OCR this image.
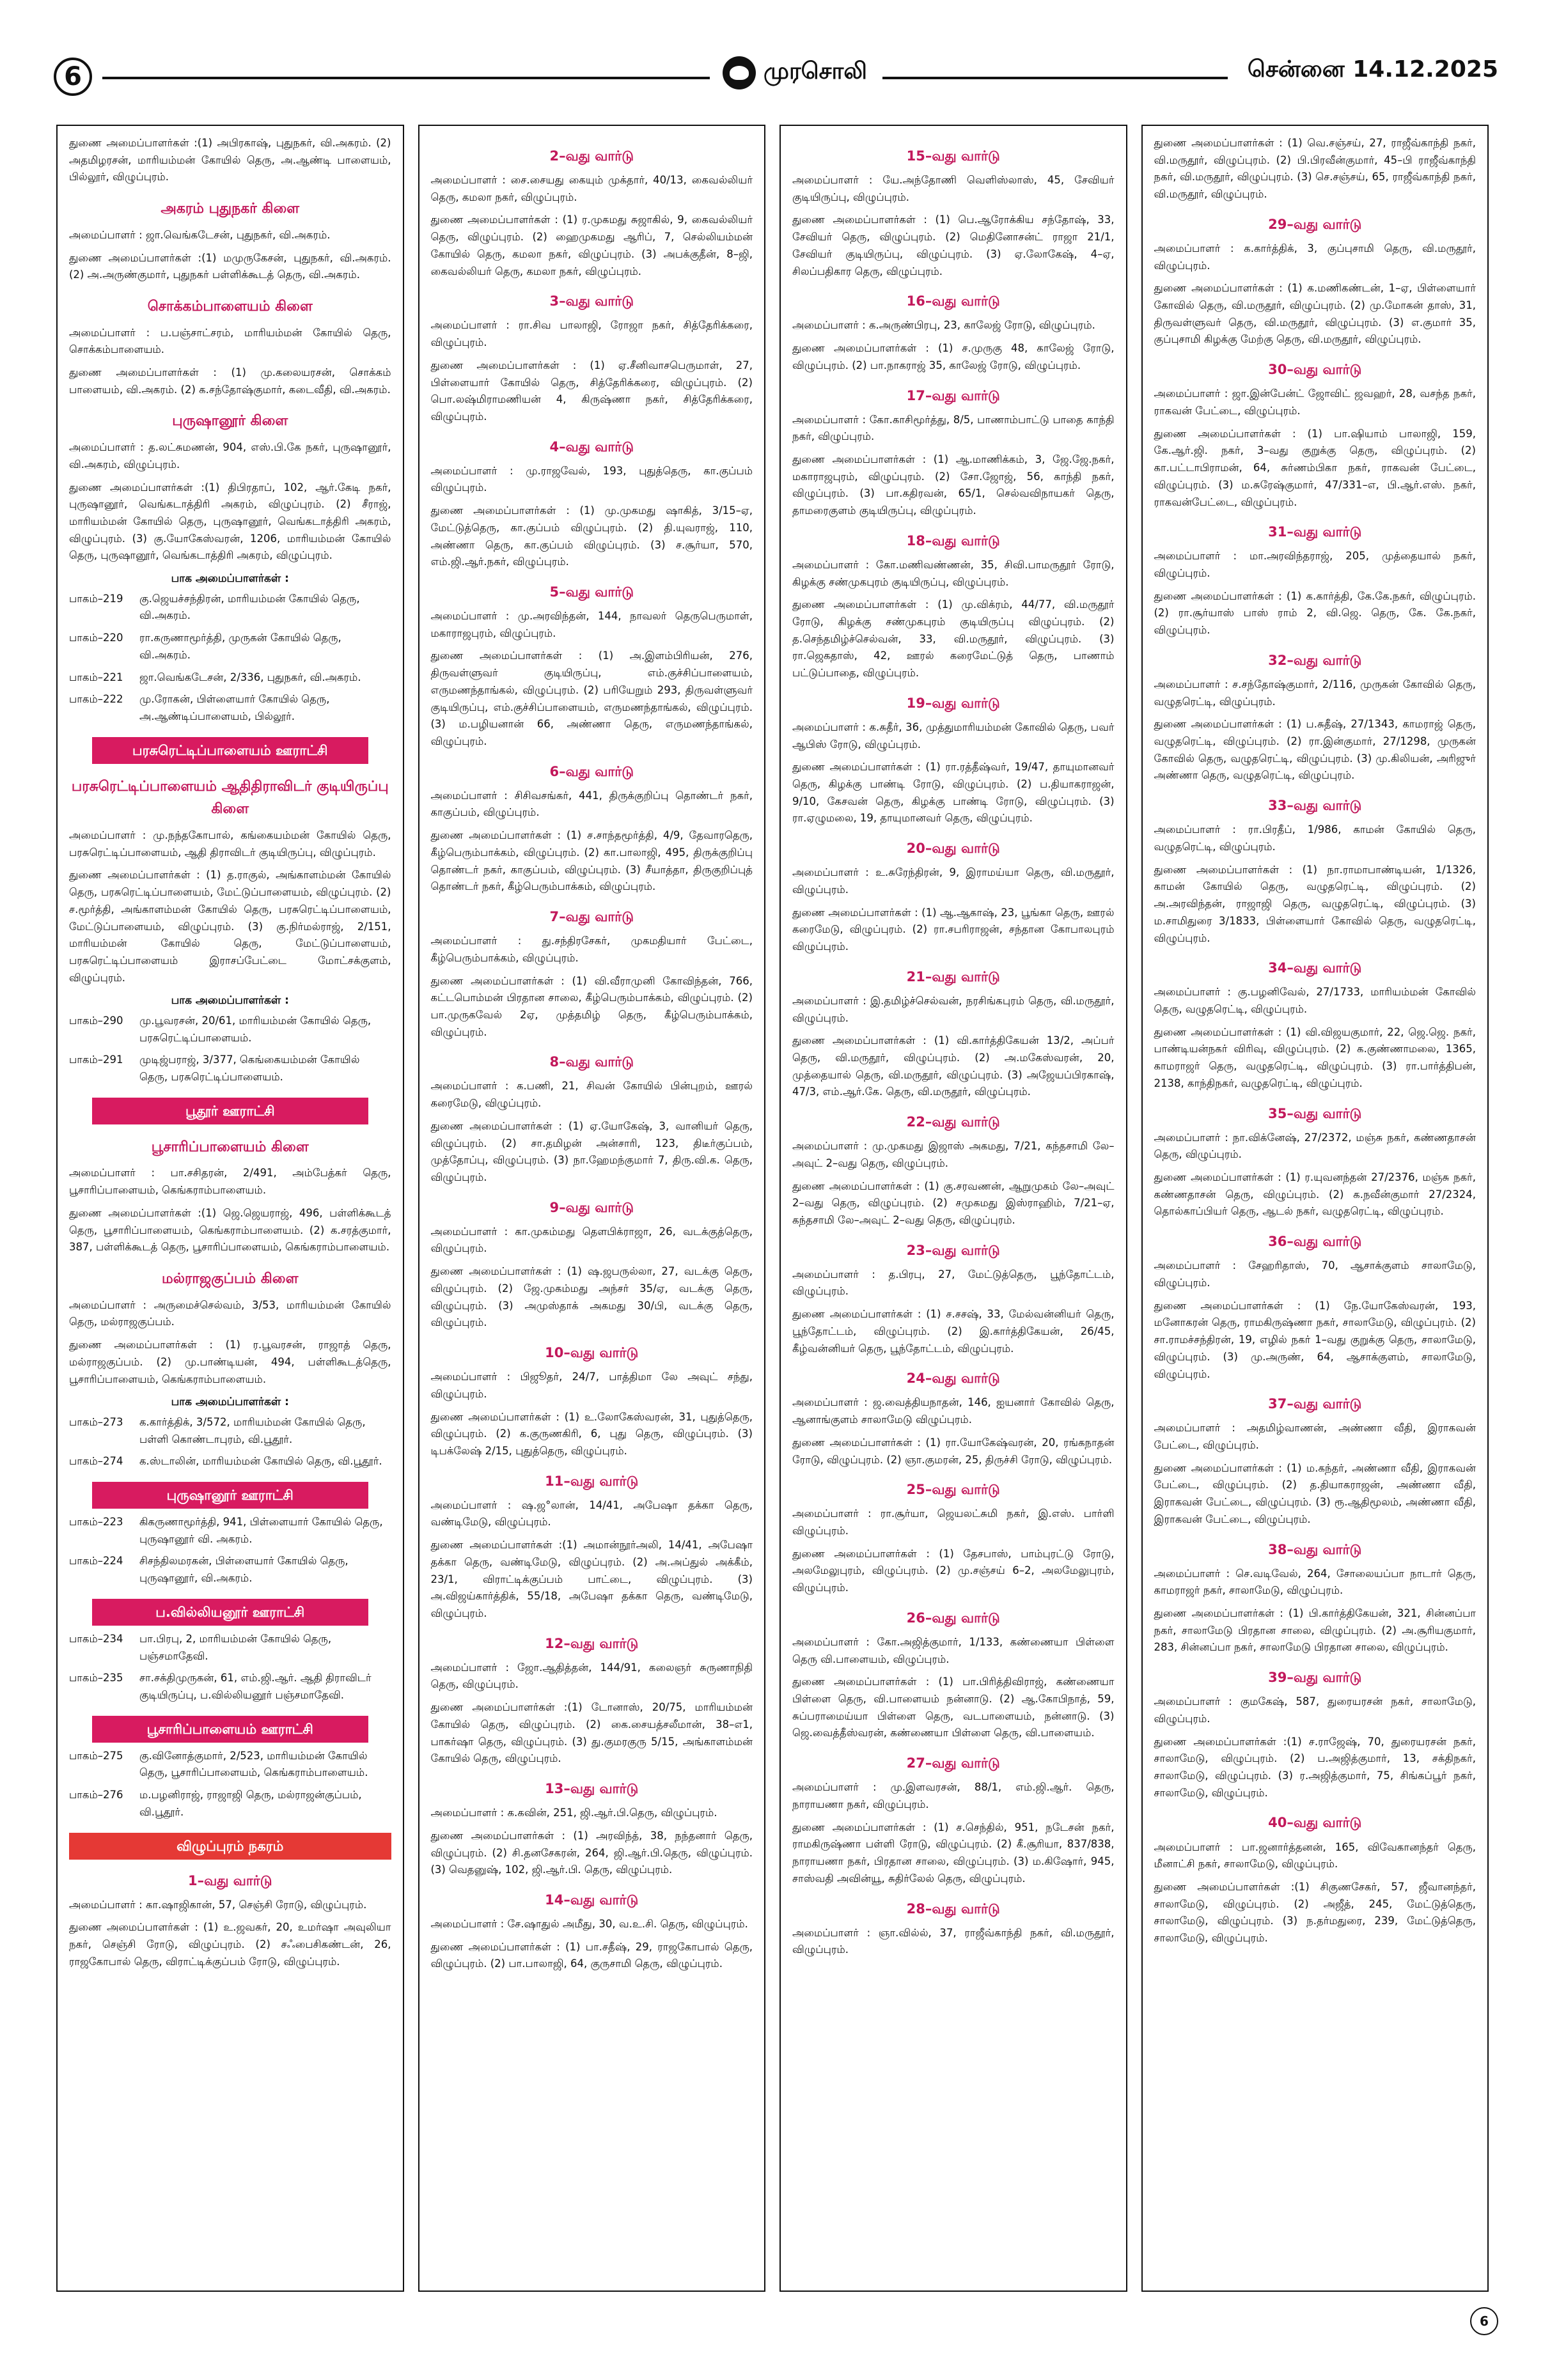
6	முரசொலி	சென்னை 14.12.2025

துணை அமைப்பாளர்கள் :(1) அபிரகாஷ், புதுநகர், வி.அகரம். (2) அதமிழரசன், மாரியம்மன் கோயில் தெரு, அ.ஆண்டி பாளையம், பில்லூர், விழுப்புரம்.

அகரம் புதுநகர் கிளை

அமைப்பாளர் : ஜா.வெங்கடேசன், புதுநகர், வி.அகரம்.

துணை அமைப்பாளர்கள் :(1) மமுருகேசன், புதுநகர், வி.அகரம். (2) அ.அருண்குமார், புதுநகர் பள்ளிக்கூடத் தெரு, வி.அகரம்.

சொக்கம்பாளையம் கிளை

அமைப்பாளர் : ப.பஞ்சாட்சரம், மாரியம்மன் கோயில் தெரு, சொக்கம்பாளையம்.

துணை அமைப்பாளர்கள் : (1) மு.கலையரசன், சொக்கம் பாளையம், வி.அகரம். (2) க.சந்தோஷ்குமார், கடைவீதி, வி.அகரம்.

புருஷானூர் கிளை

அமைப்பாளர் : த.லட்சுமணன், 904, எஸ்.பி.கே நகர், புருஷானூர், வி.அகரம், விழுப்புரம்.

துணை அமைப்பாளர்கள் :(1) திபிரதாப், 102, ஆர்.கேடி நகர், புருஷானூர், வெங்கடாத்திரி அகரம், விழுப்புரம். (2) சீராஜ், மாரியம்மன் கோயில் தெரு, புருஷானூர், வெங்கடாத்திரி அகரம், விழுப்புரம். (3) கு.யோகேஸ்வரன், 1206, மாரியம்மன் கோயில் தெரு, புருஷானூர், வெங்கடாத்திரி அகரம், விழுப்புரம்.

பாக அமைப்பாளர்கள் :
பாகம்–219	கு.ஜெயச்சந்திரன், மாரியம்மன் கோயில் தெரு, வி.அகரம்.
பாகம்–220	ரா.கருணாமூர்த்தி, முருகன் கோயில் தெரு, வி.அகரம்.
பாகம்–221	ஜா.வெங்கடேசன், 2/336, புதுநகர், வி.அகரம்.
பாகம்–222	மு.ரோகன், பிள்ளையார் கோயில் தெரு, அ.ஆண்டிப்பாளையம், பில்லூர்.
பரசுரெட்டிப்பாளையம் ஊராட்சி
பரசுரெட்டிப்பாளையம் ஆதிதிராவிடர் குடியிருப்பு கிளை

அமைப்பாளர் : மு.நந்தகோபால், கங்கையம்மன் கோயில் தெரு, பரசுரெட்டிப்பாளையம், ஆதி திராவிடர் குடியிருப்பு, விழுப்புரம்.

துணை அமைப்பாளர்கள் : (1) த.ராகுல், அங்காளம்மன் கோயில் தெரு, பரசுரெட்டிப்பாளையம், மேட்டுப்பாளையம், விழுப்புரம். (2) ச.மூர்த்தி, அங்காளம்மன் கோயில் தெரு, பரசுரெட்டிப்பாளையம், மேட்டுப்பாளையம், விழுப்புரம். (3) கு.நிர்மல்ராஜ், 2/151, மாரியம்மன் கோயில் தெரு, மேட்டுப்பாளையம், பரசுரெட்டிப்பாளையம் இராசப்பேட்டை மோட்சக்குளம், விழுப்புரம்.

பாக அமைப்பாளர்கள் :
பாகம்–290	மு.பூவரசன், 20/61, மாரியம்மன் கோயில் தெரு, பரசுரெட்டிப்பாளையம்.
பாகம்–291	முடிஜ்பராஜ், 3/377, கெங்கையம்மன் கோயில் தெரு, பரசுரெட்டிப்பாளையம்.
பூதூர் ஊராட்சி
பூசாரிப்பாளையம் கிளை

அமைப்பாளர் : பா.சசிதரன், 2/491, அம்பேத்கர் தெரு, பூசாரிப்பாளையம், கெங்கராம்பாளையம்.

துணை அமைப்பாளர்கள் :(1) ஜெ.ஜெயராஜ், 496, பள்ளிக்கூடத் தெரு, பூசாரிப்பாளையம், கெங்கராம்பாளையம். (2) க.சரத்குமார், 387, பள்ளிக்கூடத் தெரு, பூசாரிப்பாளையம், கெங்கராம்பாளையம்.

மல்ராஜகுப்பம் கிளை

அமைப்பாளர் : அருமைச்செல்வம், 3/53, மாரியம்மன் கோயில் தெரு, மல்ராஜகுப்பம்.

துணை அமைப்பாளர்கள் : (1) ர.பூவரசன், ராஜாத் தெரு, மல்ராஜகுப்பம். (2) மு.பாண்டியன், 494, பள்ளிகூடத்தெரு, பூசாரிப்பாளையம், கெங்கராம்பாளையம்.

பாக அமைப்பாளர்கள் :
பாகம்–273	க.கார்த்திக், 3/572, மாரியம்மன் கோயில் தெரு, பள்ளி கொண்டாபுரம், வி.பூதூர்.
பாகம்–274	க.ஸ்டாலின், மாரியம்மன் கோயில் தெரு, வி.பூதூர்.
புருஷானூர் ஊராட்சி
பாகம்–223	கிகருணாமூர்த்தி, 941, பிள்ளையார் கோயில் தெரு, புருஷானூர் வி. அகரம்.
பாகம்–224	சிசந்திலமரகன், பிள்ளையார் கோயில் தெரு, புருஷானூர், வி.அகரம்.
ப.வில்லியனூர் ஊராட்சி
பாகம்–234	பா.பிரபு, 2, மாரியம்மன் கோயில் தெரு, பஞ்சமாதேவி.
பாகம்–235	சா.சக்திமுருகன், 61, எம்.ஜி.ஆர். ஆதி திராவிடர் குடியிருப்பு, ப.வில்லியனூர் பஞ்சமாதேவி.
பூசாரிப்பாளையம் ஊராட்சி
பாகம்–275	கு.வினோத்குமார், 2/523, மாரியம்மன் கோயில் தெரு, பூசாரிப்பாளையம், கெங்கராம்பாளையம்.
பாகம்–276	ம.பழனிராஜ், ராஜாஜி தெரு, மல்ராஜன்குப்பம், வி.பூதூர்.
விழுப்புரம் நகரம்
1–வது வார்டு

அமைப்பாளர் : கா.ஷாஜிகான், 57, செஞ்சி ரோடு, விழுப்புரம்.

துணை அமைப்பாளர்கள் : (1) உ.ஜவகர், 20, உமர்ஷா அவுலியா நகர், செஞ்சி ரோடு, விழுப்புரம். (2) சஃபைசிகண்டன், 26, ராஜகோபால் தெரு, விராட்டிக்குப்பம் ரோடு, விழுப்புரம்.

2–வது வார்டு

அமைப்பாளர் : சை.சையது கையும் முக்தார், 40/13, கைவல்லியர் தெரு, கமலா நகர், விழுப்புரம்.

துணை அமைப்பாளர்கள் : (1) ர.முகமது சுஜாகில், 9, கைவல்லியர் தெரு, விழுப்புரம். (2) ஹைமுகமது ஆரிப், 7, செல்லியம்மன் கோயில் தெரு, கமலா நகர், விழுப்புரம். (3) அபக்குதீன், 8–ஜி, கைவல்லியர் தெரு, கமலா நகர், விழுப்புரம்.

3–வது வார்டு

அமைப்பாளர் : ரா.சிவ பாலாஜி, ரோஜா நகர், சித்தேரிக்கரை, விழுப்புரம்.

துணை அமைப்பாளர்கள் : (1) ஏ.சீனிவாசபெருமாள், 27, பிள்ளையார் கோயில் தெரு, சித்தேரிக்கரை, விழுப்புரம். (2) பொ.லஷ்மிராமணியன் 4, கிருஷ்ணா நகர், சித்தேரிக்கரை, விழுப்புரம்.

4–வது வார்டு

அமைப்பாளர் : மு.ராஜவேல், 193, புதுத்தெரு, கா.குப்பம் விழுப்புரம்.

துணை அமைப்பாளர்கள் : (1) மு.முகமது ஷாகித், 3/15–ஏ, மேட்டுத்தெரு, கா.குப்பம் விழுப்புரம். (2) தி.யுவராஜ், 110, அண்ணா தெரு, கா.குப்பம் விழுப்புரம். (3) ச.சூர்யா, 570, எம்.ஜி.ஆர்.நகர், விழுப்புரம்.

5–வது வார்டு

அமைப்பாளர் : மு.அரவிந்தன், 144, நாவலர் தெருபெருமாள், மகாராஜபுரம், விழுப்புரம்.

துணை அமைப்பாளர்கள் : (1) அ.இளம்பிரியன், 276, திருவள்ளுவர் குடியிருப்பு, எம்.குச்சிப்பாளையம், எருமணந்தாங்கல், விழுப்புரம். (2) பரியேறும் 293, திருவள்ளுவர் குடியிருப்பு, எம்.குச்சிப்பாளையம், எருமணந்தாங்கல், விழுப்புரம். (3) ம.பழியனான் 66, அண்ணா தெரு, எருமணந்தாங்கல், விழுப்புரம்.

6–வது வார்டு

அமைப்பாளர் : சிசிவசங்கர், 441, திருக்குறிப்பு தொண்டர் நகர், காகுப்பம், விழுப்புரம்.

துணை அமைப்பாளர்கள் : (1) ச.சாந்தமூர்த்தி, 4/9, தேவாரதெரு, கீழ்பெரும்பாக்கம், விழுப்புரம். (2) கா.பாலாஜி, 495, திருக்குறிப்பு தொண்டர் நகர், காகுப்பம், விழுப்புரம். (3) சீயாத்தா, திருகுறிப்புத் தொண்டர் நகர், கீழ்பெரும்பாக்கம், விழுப்புரம்.

7–வது வார்டு

அமைப்பாளர் : து.சந்திரசேகர், முகமதியார் பேட்டை, கீழ்பெரும்பாக்கம், விழுப்புரம்.

துணை அமைப்பாளர்கள் : (1) வி.வீராமுனி கோவிந்தன், 766, கட்டபொம்மன் பிரதான சாலை, கீழ்பெரும்பாக்கம், விழுப்புரம். (2) பா.முருகவேல் 2ஏ, முத்தமிழ் தெரு, கீழ்பெரும்பாக்கம், விழுப்புரம்.

8–வது வார்டு

அமைப்பாளர் : க.பணி, 21, சிவன் கோயில் பின்புறம், ஊரல் கரைமேடு, விழுப்புரம்.

துணை அமைப்பாளர்கள் : (1) ஏ.யோகேஷ், 3, வானியர் தெரு, விழுப்புரம். (2) சா.தமிழன் அன்சாரி, 123, திடீர்குப்பம், முத்தோப்பு, விழுப்புரம். (3) நா.ஹேமந்குமார் 7, திரு.வி.க. தெரு, விழுப்புரம்.

9–வது வார்டு

அமைப்பாளர் : கா.முகம்மது தௌபிக்ராஜா, 26, வடக்குத்தெரு, விழுப்புரம்.

துணை அமைப்பாளர்கள் : (1) ஷ.ஜபருல்லா, 27, வடக்கு தெரு, விழுப்புரம். (2) ஜே.முகம்மது அந்சர் 35/ஏ, வடக்கு தெரு, விழுப்புரம். (3) அமுஸ்தாக் அகமது 30/பி, வடக்கு தெரு, விழுப்புரம்.

10–வது வார்டு

அமைப்பாளர் : பிஜூதர், 24/7, பாத்திமா லே அவுட் சந்து, விழுப்புரம்.

துணை அமைப்பாளர்கள் : (1) உ.லோகேஸ்வரன், 31, புதுத்தெரு, விழுப்புரம். (2) க.குருணகிரி, 6, புது தெரு, விழுப்புரம். (3) டிபக்லேஷ் 2/15, புதுத்தெரு, விழுப்புரம்.

11–வது வார்டு

அமைப்பாளர் : ஷ.ஜ°லான், 14/41, அபேஷா தக்கா தெரு, வண்டிமேடு, விழுப்புரம்.

துணை அமைப்பாளர்கள் :(1) அமான்நூர்அலி, 14/41, அபேஷா தக்கா தெரு, வண்டிமேடு, விழுப்புரம். (2) அ.அப்துல் அக்கீம், 23/1, விராட்டிக்குப்பம் பாட்டை, விழுப்புரம். (3) அ.விஜய்கார்த்திக், 55/18, அபேஷா தக்கா தெரு, வண்டிமேடு, விழுப்புரம்.

12–வது வார்டு

அமைப்பாளர் : ஜோ.ஆதித்தன், 144/91, கலைஞர் சுருணாநிதி தெரு, விழுப்புரம்.

துணை அமைப்பாளர்கள் :(1) டோனாஸ், 20/75, மாரியம்மன் கோயில் தெரு, விழுப்புரம். (2) கை.சையத்சலீமான், 38–எ1, பாகர்ஷா தெரு, விழுப்புரம். (3) து.குமரகுரு 5/15, அங்காளம்மன் கோயில் தெரு, விழுப்புரம்.

13–வது வார்டு

அமைப்பாளர் : க.கவின், 251, ஜி.ஆர்.பி.தெரு, விழுப்புரம்.

துணை அமைப்பாளர்கள் : (1) அரவிந்த், 38, நந்தனார் தெரு, விழுப்புரம். (2) சி.தனசேகரன், 264, ஜி.ஆர்.பி.தெரு, விழுப்புரம். (3) வெதனுஷ், 102, ஜி.ஆர்.பி. தெரு, விழுப்புரம்.

14–வது வார்டு

அமைப்பாளர் : சே.ஷாதுல் அமீது, 30, வ.உ.சி. தெரு, விழுப்புரம்.

துணை அமைப்பாளர்கள் : (1) பா.சதீஷ், 29, ராஜகோபால் தெரு, விழுப்புரம். (2) பா.பாலாஜி, 64, குருசாமி தெரு, விழுப்புரம்.

15–வது வார்டு

அமைப்பாளர் : யே.அந்தோணி வெளிஸ்லாஸ், 45, சேவியர் குடியிருப்பு, விழுப்புரம்.

துணை அமைப்பாளர்கள் : (1) பெ.ஆரோக்கிய சந்தோஷ், 33, சேவியர் தெரு, விழுப்புரம். (2) மெதினோசன்ட் ராஜா 21/1, சேவியர் குடியிருப்பு, விழுப்புரம். (3) ஏ.லோகேஷ், 4–ஏ, சிலப்பதிகார தெரு, விழுப்புரம்.

16–வது வார்டு

அமைப்பாளர் : க.அருண்பிரபு, 23, காலேஜ் ரோடு, விழுப்புரம்.

துணை அமைப்பாளர்கள் : (1) ச.முருகு 48, காலேஜ் ரோடு, விழுப்புரம். (2) பா.நாகராஜ் 35, காலேஜ் ரோடு, விழுப்புரம்.

17–வது வார்டு

அமைப்பாளர் : கோ.காசிமூர்த்து, 8/5, பாணாம்பாட்டு பாதை காந்தி நகர், விழுப்புரம்.

துணை அமைப்பாளர்கள் : (1) ஆ.மாணிக்கம், 3, ஜே.ஜே.நகர், மகாராஜபுரம், விழுப்புரம். (2) சோ.ஜோஜ், 56, காந்தி நகர், விழுப்புரம். (3) பா.கதிரவன், 65/1, செல்வவிநாயகர் தெரு, தாமரைகுளம் குடியிருப்பு, விழுப்புரம்.

18–வது வார்டு

அமைப்பாளர் : கோ.மணிவண்ணன், 35, சிவி.பாமருதூர் ரோடு, கிழக்கு சண்முகபுரம் குடியிருப்பு, விழுப்புரம்.

துணை அமைப்பாளர்கள் : (1) மு.விக்ரம், 44/77, வி.மருதூர் ரோடு, கிழக்கு சண்முகபுரம் குடியிருப்பு விழுப்புரம். (2) த.செந்தமிழ்ச்செல்வன், 33, வி.மருதூர், விழுப்புரம். (3) ரா.ஜெகதாஸ், 42, ஊரல் கரைமேட்டுத் தெரு, பாணாம் பட்டுப்பாதை, விழுப்புரம்.

19–வது வார்டு

அமைப்பாளர் : க.சுதீர், 36, முத்துமாரியம்மன் கோவில் தெரு, பவர் ஆபிஸ் ரோடு, விழுப்புரம்.

துணை அமைப்பாளர்கள் : (1) ரா.ரத்தீஷ்வர், 19/47, தாயுமானவர் தெரு, கிழக்கு பாண்டி ரோடு, விழுப்புரம். (2) ப.தியாகராஜன், 9/10, கேசவன் தெரு, கிழக்கு பாண்டி ரோடு, விழுப்புரம். (3) ரா.ஏழுமலை, 19, தாயுமானவர் தெரு, விழுப்புரம்.

20–வது வார்டு

அமைப்பாளர் : உ.சுரேந்திரன், 9, இராமய்யா தெரு, வி.மருதூர், விழுப்புரம்.

துணை அமைப்பாளர்கள் : (1) ஆ.ஆகாஷ், 23, பூங்கா தெரு, ஊரல் கரைமேடு, விழுப்புரம். (2) ரா.சபரிராஜன், சந்தான கோபாலபுரம் விழுப்புரம்.

21–வது வார்டு

அமைப்பாளர் : இ.தமிழ்ச்செல்வன், நரசிங்கபுரம் தெரு, வி.மருதூர், விழுப்புரம்.

துணை அமைப்பாளர்கள் : (1) வி.கார்த்திகேயன் 13/2, அப்பர் தெரு, வி.மருதூர், விழுப்புரம். (2) அ.மகேஸ்வரன், 20, முத்தையால் தெரு, வி.மருதூர், விழுப்புரம். (3) அஜேயப்பிரகாஷ், 47/3, எம்.ஆர்.கே. தெரு, வி.மருதூர், விழுப்புரம்.

22–வது வார்டு

அமைப்பாளர் : மு.முகமது இஜாஸ் அகமது, 7/21, கந்தசாமி லே–அவுட் 2–வது தெரு, விழுப்புரம்.

துணை அமைப்பாளர்கள் : (1) கு.சரவணன், ஆறுமுகம் லே–அவுட் 2–வது தெரு, விழுப்புரம். (2) சமுகமது இஸ்ராஹிம், 7/21–ஏ, கந்தசாமி லே–அவுட் 2–வது தெரு, விழுப்புரம்.

23–வது வார்டு

அமைப்பாளர் : த.பிரபு, 27, மேட்டுத்தெரு, பூந்தோட்டம், விழுப்புரம்.

துணை அமைப்பாளர்கள் : (1) ச.சசஷ், 33, மேல்வன்னியர் தெரு, பூந்தோட்டம், விழுப்புரம். (2) இ.கார்த்திகேயன், 26/45, கீழ்வன்னியர் தெரு, பூந்தோட்டம், விழுப்புரம்.

24–வது வார்டு

அமைப்பாளர் : ஜ.வைத்தியநாதன், 146, ஐயனார் கோவில் தெரு, ஆனாங்குளம் சாலாமேடு விழுப்புரம்.

துணை அமைப்பாளர்கள் : (1) ரா.யோகேஷ்வரன், 20, ரங்கநாதன் ரோடு, விழுப்புரம். (2) ஞா.குமரன், 25, திருச்சி ரோடு, விழுப்புரம்.

25–வது வார்டு

அமைப்பாளர் : ரா.சூர்யா, ஜெயலட்சுமி நகர், இ.எஸ். பார்ளி விழுப்புரம்.

துணை அமைப்பாளர்கள் : (1) தேசபாஸ், பாம்புரட்டு ரோடு, அலமேலுபுரம், விழுப்புரம். (2) மு.சஞ்சய் 6–2, அலமேலுபுரம், விழுப்புரம்.

26–வது வார்டு

அமைப்பாளர் : கோ.அஜித்குமார், 1/133, கண்ணையா பிள்ளை தெரு வி.பாளையம், விழுப்புரம்.

துணை அமைப்பாளர்கள் : (1) பா.பிரித்திவிராஜ், கண்ணையா பிள்ளை தெரு, வி.பாளையம் நன்னாடு. (2) ஆ.கோபிநாத், 59, சுப்பராமைய்யா பிள்ளை தெரு, வடபாளையம், நன்னாடு. (3) ஜெ.வைத்தீஸ்வரன், கண்ணையா பிள்ளை தெரு, வி.பாளையம்.

27–வது வார்டு

அமைப்பாளர் : மு.இளவரசன், 88/1, எம்.ஜி.ஆர். தெரு, நாராயணா நகர், விழுப்புரம்.

துணை அமைப்பாளர்கள் : (1) ச.செந்தில், 951, நடேசன் நகர், ராமகிருஷ்ணா பள்ளி ரோடு, விழுப்புரம். (2) கீ.சூரியா, 837/838, நாராயணா நகர், பிரதான சாலை, விழுப்புரம். (3) ம.கிஷோர், 945, சாஸ்வதி அவின்யூ, சுதிர்லேல் தெரு, விழுப்புரம்.

28–வது வார்டு

அமைப்பாளர் : ஞா.வில்ல், 37, ராஜீவ்காந்தி நகர், வி.மருதூர், விழுப்புரம்.

துணை அமைப்பாளர்கள் : (1) வெ.சஞ்சய், 27, ராஜீவ்காந்தி நகர், வி.மருதூர், விழுப்புரம். (2) பி.பிரவீன்குமார், 45–பி ராஜீவ்காந்தி நகர், வி.மருதூர், விழுப்புரம். (3) செ.சஞ்சய், 65, ராஜீவ்காந்தி நகர், வி.மருதூர், விழுப்புரம்.

29–வது வார்டு

அமைப்பாளர் : க.கார்த்திக், 3, குப்புசாமி தெரு, வி.மருதூர், விழுப்புரம்.

துணை அமைப்பாளர்கள் : (1) க.மணிகண்டன், 1–ஏ, பிள்ளையார் கோவில் தெரு, வி.மருதூர், விழுப்புரம். (2) மு.மோகன் தாஸ், 31, திருவள்ளுவர் தெரு, வி.மருதூர், விழுப்புரம். (3) எ.குமார் 35, குப்புசாமி கிழக்கு மேற்கு தெரு, வி.மருதூர், விழுப்புரம்.

30–வது வார்டு

அமைப்பாளர் : ஜா.இன்பேன்ட் ஜோவிட் ஜவஹர், 28, வசந்த நகர், ராகவன் பேட்டை, விழுப்புரம்.

துணை அமைப்பாளர்கள் : (1) பா.ஷியாம் பாலாஜி, 159, கே.ஆர்.ஜி. நகர், 3–வது குறுக்கு தெரு, விழுப்புரம். (2) கா.பட்டாபிராமன், 64, சுர்ணம்பிகா நகர், ராகவன் பேட்டை, விழுப்புரம். (3) ம.சுரேஷ்குமார், 47/331–எ, பி.ஆர்.எஸ். நகர், ராகவன்பேட்டை, விழுப்புரம்.

31–வது வார்டு

அமைப்பாளர் : மா.அரவிந்தராஜ், 205, முத்தையால் நகர், விழுப்புரம்.

துணை அமைப்பாளர்கள் : (1) க.கார்த்தி, கே.கே.நகர், விழுப்புரம். (2) ரா.சூர்யாஸ் பாஸ் ராம் 2, வி.ஜெ. தெரு, கே. கே.நகர், விழுப்புரம்.

32–வது வார்டு

அமைப்பாளர் : ச.சந்தோஷ்குமார், 2/116, முருகன் கோவில் தெரு, வழுதரெட்டி, விழுப்புரம்.

துணை அமைப்பாளர்கள் : (1) ப.சுதீஷ், 27/1343, காமராஜ் தெரு, வழுதரெட்டி, விழுப்புரம். (2) ரா.இன்குமார், 27/1298, முருகன் கோவில் தெரு, வழுதரெட்டி, விழுப்புரம். (3) மு.கிலியன், அரிஜுர் அண்ணா தெரு, வழுதரெட்டி, விழுப்புரம்.

33–வது வார்டு

அமைப்பாளர் : ரா.பிரதீப், 1/986, காமன் கோயில் தெரு, வழுதரெட்டி, விழுப்புரம்.

துணை அமைப்பாளர்கள் : (1) நா.ராமாபாண்டியன், 1/1326, காமன் கோயில் தெரு, வழுதரெட்டி, விழுப்புரம். (2) அ.அரவிந்தன், ராஜாஜி தெரு, வழுதரெட்டி, விழுப்புரம். (3) ம.சாமிதுரை 3/1833, பிள்ளையார் கோவில் தெரு, வழுதரெட்டி, விழுப்புரம்.

34–வது வார்டு

அமைப்பாளர் : கு.பழனிவேல், 27/1733, மாரியம்மன் கோவில் தெரு, வழுதரெட்டி, விழுப்புரம்.

துணை அமைப்பாளர்கள் : (1) வி.விஜயகுமார், 22, ஜெ.ஜெ. நகர், பாண்டியன்நகர் விரிவு, விழுப்புரம். (2) க.குண்ணாமலை, 1365, காமராஜர் தெரு, வழுதரெட்டி, விழுப்புரம். (3) ரா.பார்த்திபன், 2138, காந்திநகர், வழுதரெட்டி, விழுப்புரம்.

35–வது வார்டு

அமைப்பாளர் : நா.விக்னேஷ், 27/2372, மஞ்சு நகர், கண்ணதாசன் தெரு, விழுப்புரம்.

துணை அமைப்பாளர்கள் : (1) ர.யுவனந்தன் 27/2376, மஞ்சு நகர், கண்ணதாசன் தெரு, விழுப்புரம். (2) க.நவீன்குமார் 27/2324, தொல்காப்பியர் தெரு, ஆடல் நகர், வழுதரெட்டி, விழுப்புரம்.

36–வது வார்டு

அமைப்பாளர் : சேஹரிதாஸ், 70, ஆசாக்குளம் சாலாமேடு, விழுப்புரம்.

துணை அமைப்பாளர்கள் : (1) நே.யோகேஸ்வரன், 193, மனோகரன் தெரு, ராமகிருஷ்ணா நகர், சாலாமேடு, விழுப்புரம். (2) சா.ராமச்சந்திரன், 19, எழில் நகர் 1–வது குறுக்கு தெரு, சாலாமேடு, விழுப்புரம். (3) மு.அருண், 64, ஆசாக்குளம், சாலாமேடு, விழுப்புரம்.

37–வது வார்டு

அமைப்பாளர் : அதமிழ்வாணன், அண்ணா வீதி, இராகவன் பேட்டை, விழுப்புரம்.

துணை அமைப்பாளர்கள் : (1) ம.கந்தர், அண்ணா வீதி, இராகவன் பேட்டை, விழுப்புரம். (2) த.தியாகராஜன், அண்ணா வீதி, இராகவன் பேட்டை, விழுப்புரம். (3) ரூ.ஆதிமூலம், அண்ணா வீதி, இராகவன் பேட்டை, விழுப்புரம்.

38–வது வார்டு

அமைப்பாளர் : செ.வடிவேல், 264, சோலையப்பா நாடார் தெரு, காமராஜர் நகர், சாலாமேடு, விழுப்புரம்.

துணை அமைப்பாளர்கள் : (1) பி.கார்த்திகேயன், 321, சின்னப்பா நகர், சாலாமேடு பிரதான சாலை, விழுப்புரம். (2) அ.சூரியகுமார், 283, சின்னப்பா நகர், சாலாமேடு பிரதான சாலை, விழுப்புரம்.

39–வது வார்டு

அமைப்பாளர் : குமகேஷ், 587, துரையரசன் நகர், சாலாமேடு, விழுப்புரம்.

துணை அமைப்பாளர்கள் :(1) ச.ராஜேஷ், 70, துரையரசன் நகர், சாலாமேடு, விழுப்புரம். (2) ப.அஜித்குமார், 13, சக்திநகர், சாலாமேடு, விழுப்புரம். (3) ர.அஜித்குமார், 75, சிங்கப்பூர் நகர், சாலாமேடு, விழுப்புரம்.

40–வது வார்டு

அமைப்பாளர் : பா.ஜனார்த்தனன், 165, விவேகானந்தர் தெரு, மீனாட்சி நகர், சாலாமேடு, விழுப்புரம்.

துணை அமைப்பாளர்கள் :(1) சிகுணசேகர், 57, ஜீவானந்தர், சாலாமேடு, விழுப்புரம். (2) அஜீத், 245, மேட்டுத்தெரு, சாலாமேடு, விழுப்புரம். (3) ந.தர்மதுரை, 239, மேட்டுத்தெரு, சாலாமேடு, விழுப்புரம்.

6
